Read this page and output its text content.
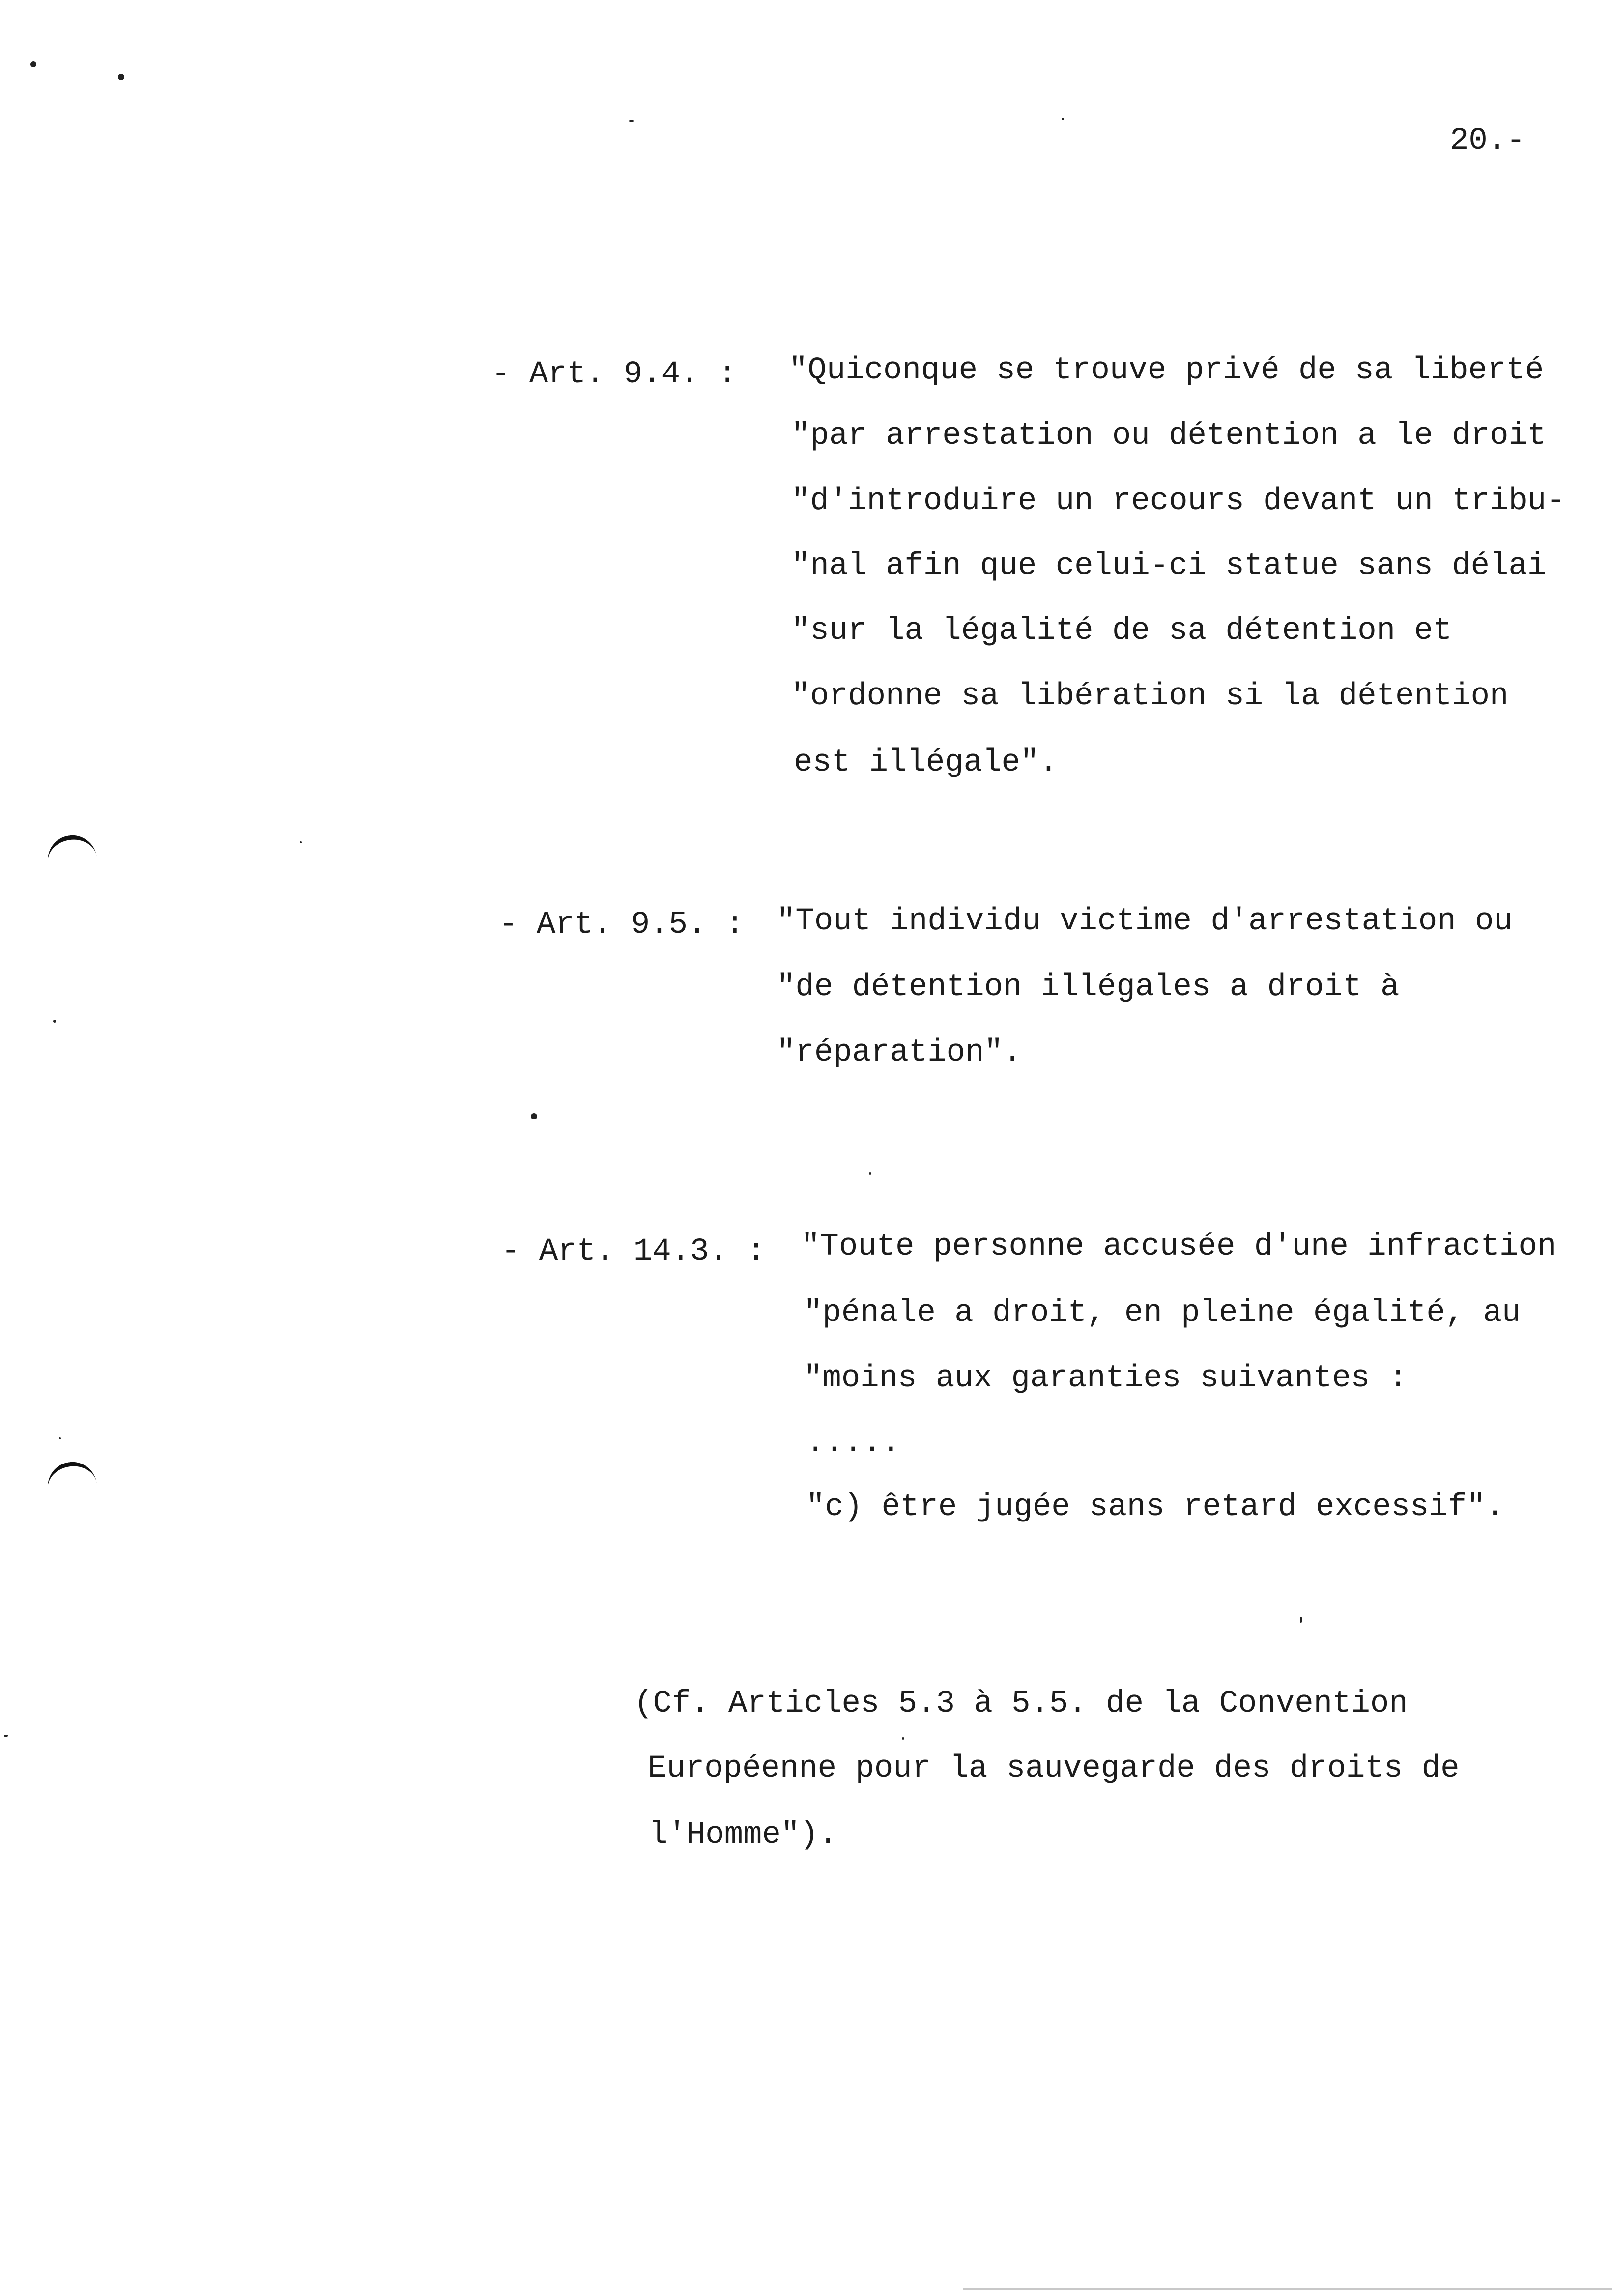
20.-
- Art. 9.4. : "Quiconque se trouve privé de sa liberté
"par arrestation ou détention a le droit
"d'introduire un recours devant un tribu-
"nal afin que celui-ci statue sans délai
"sur la légalité de sa détention et
"ordonne sa libération si la détention
est illégale".
- Art. 9.5. : "Tout individu victime d'arrestation ou
"de détention illégales a droit à
"réparation".
- Art. 14.3. : "Toute personne accusée d'une infraction
"pénale a droit, en pleine égalité, au
"moins aux garanties suivantes :
.....
"c) être jugée sans retard excessif".
(Cf. Articles 5.3 à 5.5. de la Convention
Européenne pour la sauvegarde des droits de
l'Homme").
